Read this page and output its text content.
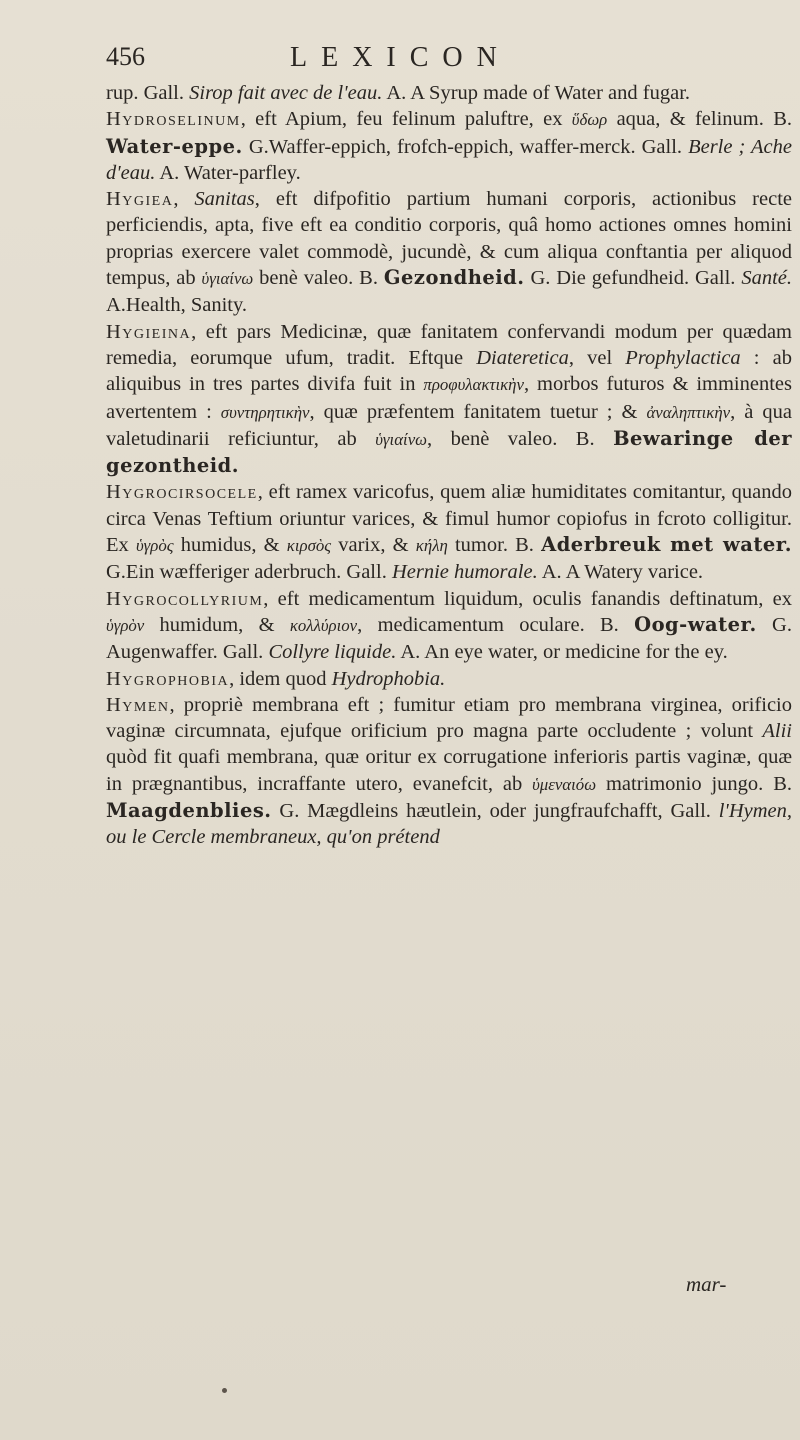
456	LEXICON

rup. Gall. Sirop fait avec de l'eau. A. A Syrup made of Water and fugar.

Hydroselinum, eft Apium, feu felinum paluftre, ex ὕδωρ aqua, & felinum. B. Water-eppe. G.Waffer-eppich, frofch-eppich, waffer-merck. Gall. Berle ; Ache d'eau. A. Water-parfley.

Hygiea, Sanitas, eft difpofitio partium humani corporis, actionibus recte perficiendis, apta, five eft ea conditio corporis, quâ homo actiones omnes homini proprias exercere valet commodè, jucundè, & cum aliqua conftantia per aliquod tempus, ab ὑγιαίνω benè valeo. B. Gezondheid. G. Die gefundheid. Gall. Santé. A.Health, Sanity.

Hygieina, eft pars Medicinæ, quæ fanitatem confervandi modum per quædam remedia, eorumque ufum, tradit. Eftque Diateretica, vel Prophylactica : ab aliquibus in tres partes divifa fuit in προφυλακτικὴν, morbos futuros & imminentes avertentem : συντηρητικὴν, quæ præfentem fanitatem tuetur ; & ἀναληπτικὴν, à qua valetudinarii reficiuntur, ab ὑγιαίνω, benè valeo. B. Bewaringe der gezontheid.

Hygrocirsocele, eft ramex varicofus, quem aliæ humiditates comitantur, quando circa Venas Teftium oriuntur varices, & fimul humor copiofus in fcroto colligitur. Ex ὑγρὸς humidus, & κιρσὸς varix, & κήλη tumor. B. Aderbreuk met water. G.Ein wæfferiger aderbruch. Gall. Hernie humorale. A. A Watery varice.

Hygrocollyrium, eft medicamentum liquidum, oculis fanandis deftinatum, ex ὑγρὸν humidum, & κολλύριον, medicamentum oculare. B. Oog-water. G. Augenwaffer. Gall. Collyre liquide. A. An eye water, or medicine for the ey.

Hygrophobia, idem quod Hydrophobia.

Hymen, propriè membrana eft ; fumitur etiam pro membrana virginea, orificio vaginæ circumnata, ejufque orificium pro magna parte occludente ; volunt Alii quòd fit quafi membrana, quæ oritur ex corrugatione inferioris partis vaginæ, quæ in prægnantibus, incraffante utero, evanefcit, ab ὑμεναιόω matrimonio jungo. B. Maagdenblies. G. Mægdleins hæutlein, oder jungfraufchafft, Gall. l'Hymen, ou le Cercle membraneux, qu'on prétend

mar-
